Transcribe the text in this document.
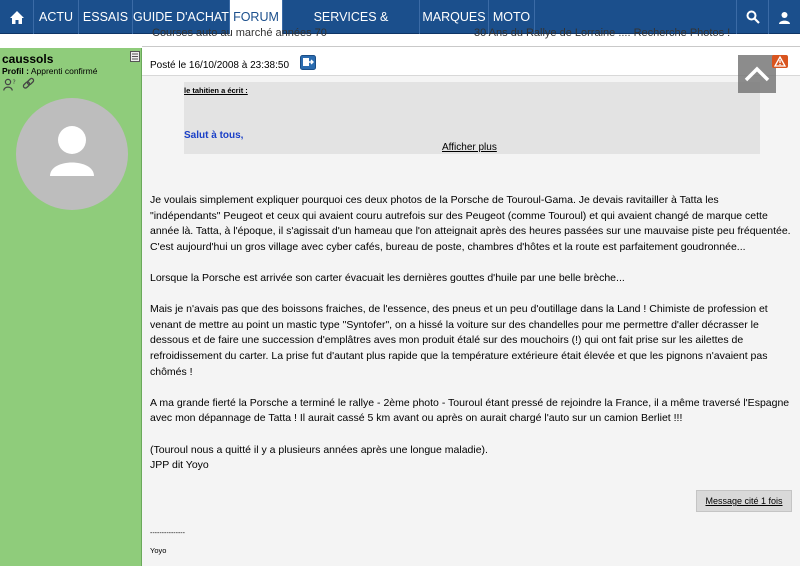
ACTU ESSAIS GUIDE D'ACHAT FORUM	SERVICES &	MARQUES MOTO
Courses auto au marché années 70	30 Ans du Rallye de Lorraine .... Recherche Photos !
caussols
Profil : Apprenti confirmé
?
Posté le 16/10/2008 à 23:38:50
le tahitien a écrit :
Salut à tous,
Afficher plus

Je voulais simplement expliquer pourquoi ces deux photos de la Porsche de Touroul-Gama. Je devais ravitailler à Tatta les "indépendants" Peugeot et ceux qui avaient couru autrefois sur des Peugeot (comme Touroul) et qui avaient changé de marque cette année là. Tatta, à l'époque, il s'agissait d'un hameau que l'on atteignait après des heures passées sur une mauvaise piste peu fréquentée. C'est aujourd'hui un gros village avec cyber cafés, bureau de poste, chambres d'hôtes et la route est parfaitement goudronnée...

Lorsque la Porsche est arrivée son carter évacuait les dernières gouttes d'huile par une belle brèche...

Mais je n'avais pas que des boissons fraiches, de l'essence, des pneus et un peu d'outillage dans la Land ! Chimiste de profession et venant de mettre au point un mastic type "Syntofer", on a hissé la voiture sur des chandelles pour me permettre d'aller décrasser le dessous et de faire une succession d'emplâtres aves mon produit étalé sur des mouchoirs (!) qui ont fait prise sur les ailettes de refroidissement du carter. La prise fut d'autant plus rapide que la température extérieure était élevée et que les pignons n'avaient pas chômés !

A ma grande fierté la Porsche a terminé le rallye - 2ème photo - Touroul étant pressé de rejoindre la France, il a même traversé l'Espagne avec mon dépannage de Tatta ! Il aurait cassé 5 km avant ou après on aurait chargé l'auto sur un camion Berliet !!!

(Touroul nous a quitté il y a plusieurs années après une longue maladie).

JPP dit Yoyo

Message cité 1 fois
---------------
Yoyo
